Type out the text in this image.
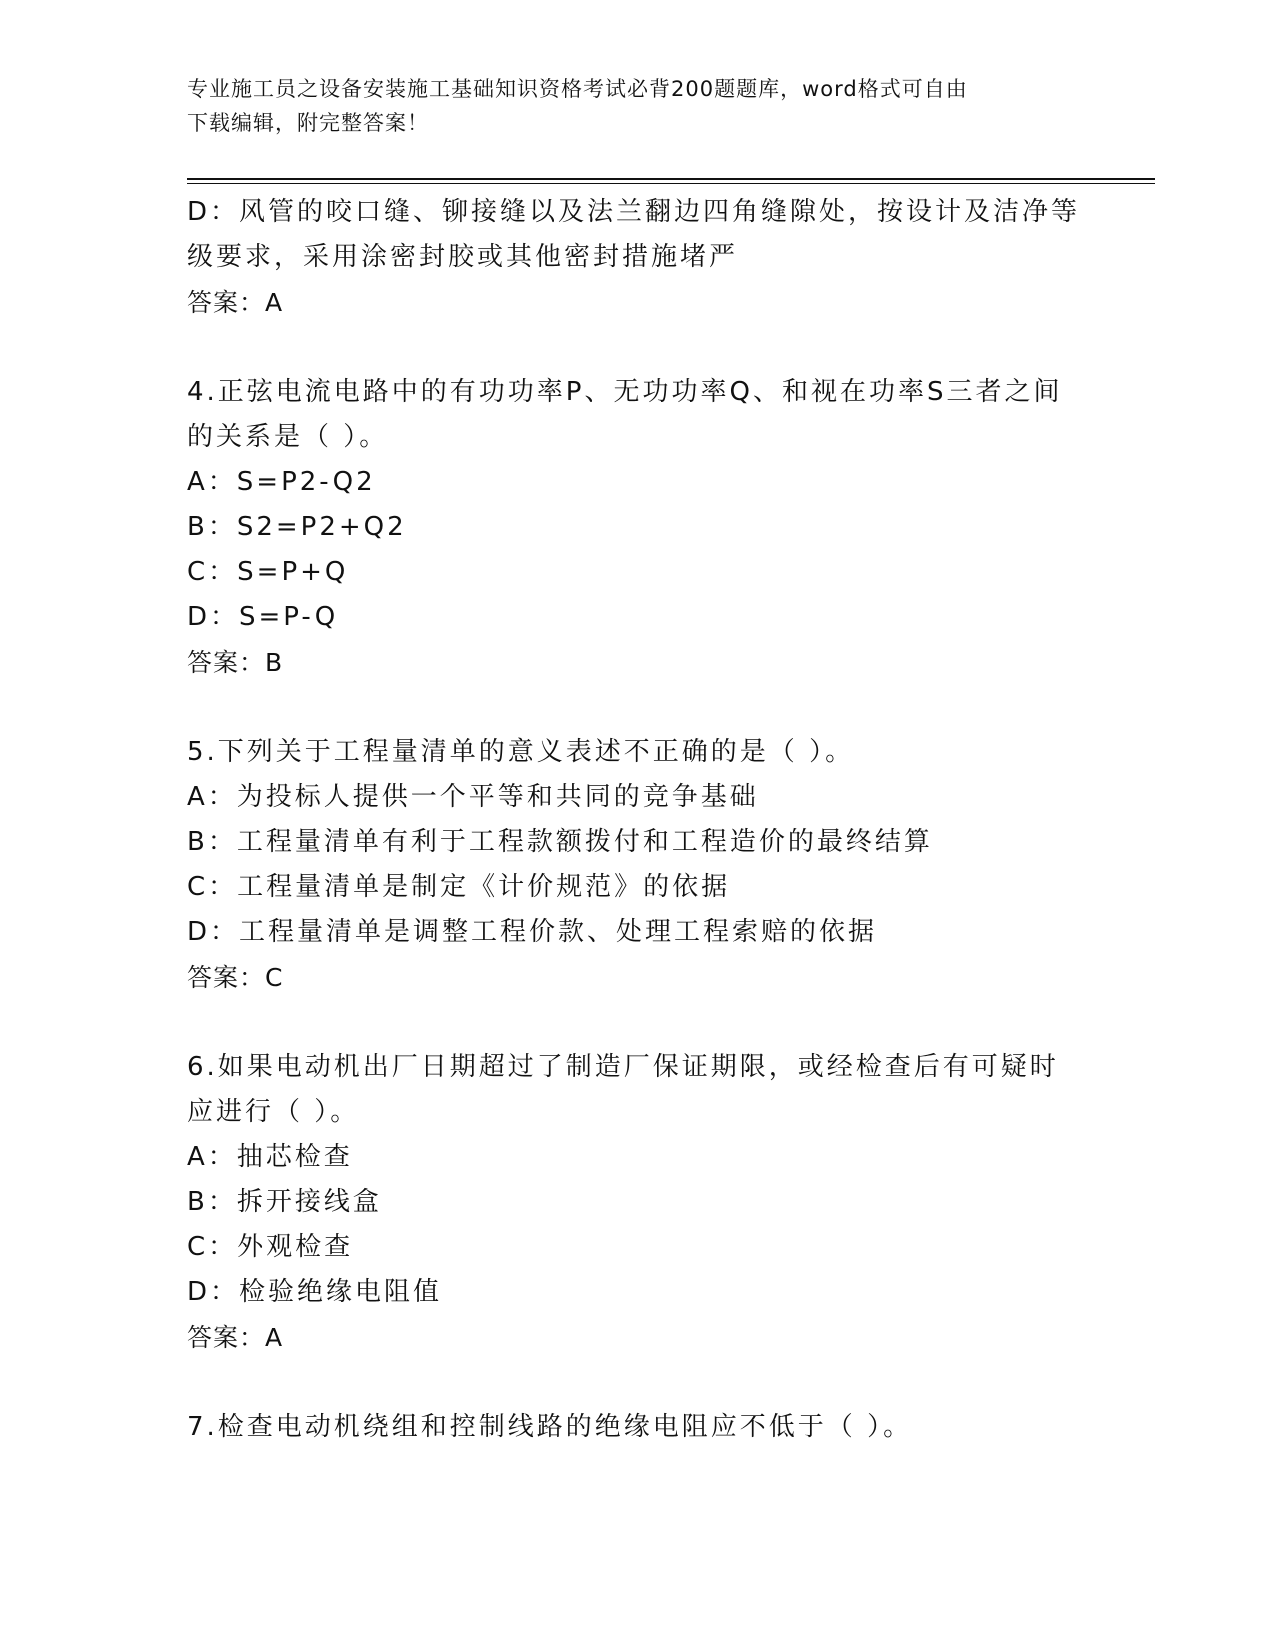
专业施工员之设备安装施工基础知识资格考试必背200题题库，word格式可自由
下载编辑，附完整答案！
D：风管的咬口缝、铆接缝以及法兰翻边四角缝隙处，按设计及洁净等
级要求，采用涂密封胶或其他密封措施堵严
答案：A
4.正弦电流电路中的有功功率P、无功功率Q、和视在功率S三者之间
的关系是（ ）。
A：S=P2-Q2
B：S2=P2+Q2
C：S=P+Q
D：S=P-Q
答案：B
5.下列关于工程量清单的意义表述不正确的是（ ）。
A：为投标人提供一个平等和共同的竞争基础
B：工程量清单有利于工程款额拨付和工程造价的最终结算
C：工程量清单是制定《计价规范》的依据
D：工程量清单是调整工程价款、处理工程索赔的依据
答案：C
6.如果电动机出厂日期超过了制造厂保证期限，或经检查后有可疑时
应进行（ ）。
A：抽芯检查
B：拆开接线盒
C：外观检查
D：检验绝缘电阻值
答案：A
7.检查电动机绕组和控制线路的绝缘电阻应不低于（ ）。
